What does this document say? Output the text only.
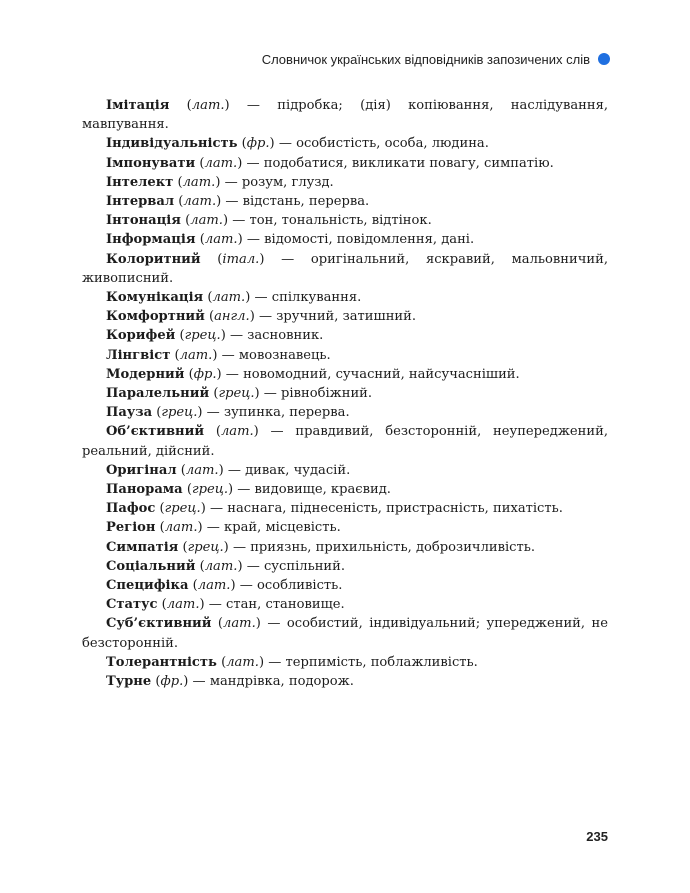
Словничок українських відповідників запозичених слів

Імітація (лат.) — підробка; (дія) копіювання, наслідування, мавпування.

Індивідуальність (фр.) — особистість, особа, людина.

Імпонувати (лат.) — подобатися, викликати повагу, симпатію.

Інтелект (лат.) — розум, глузд.

Інтервал (лат.) — відстань, перерва.

Інтонація (лат.) — тон, тональність, відтінок.

Інформація (лат.) — відомості, повідомлення, дані.

Колоритний (італ.) — оригінальний, яскравий, мальовничий, живописний.

Комунікація (лат.) — спілкування.

Комфортний (англ.) — зручний, затишний.

Корифей (грец.) — засновник.

Лінгвіст (лат.) — мовознавець.

Модерний (фр.) — новомодний, сучасний, найсучасніший.

Паралельний (грец.) — рівнобіжний.

Пауза (грец.) — зупинка, перерва.

Об’єктивний (лат.) — правдивий, безсторонній, неупереджений, реальний, дійсний.

Оригінал (лат.) — дивак, чудасій.

Панорама (грец.) — видовище, краєвид.

Пафос (грец.) — наснага, піднесеність, пристрасність, пихатість.

Регіон (лат.) — край, місцевість.

Симпатія (грец.) — приязнь, прихильність, доброзичливість.

Соціальний (лат.) — суспільний.

Специфіка (лат.) — особливість.

Статус (лат.) — стан, становище.

Суб’єктивний (лат.) — особистий, індивідуальний; упереджений, не безсторонній.

Толерантність (лат.) — терпимість, поблажливість.

Турне (фр.) — мандрівка, подорож.

235
